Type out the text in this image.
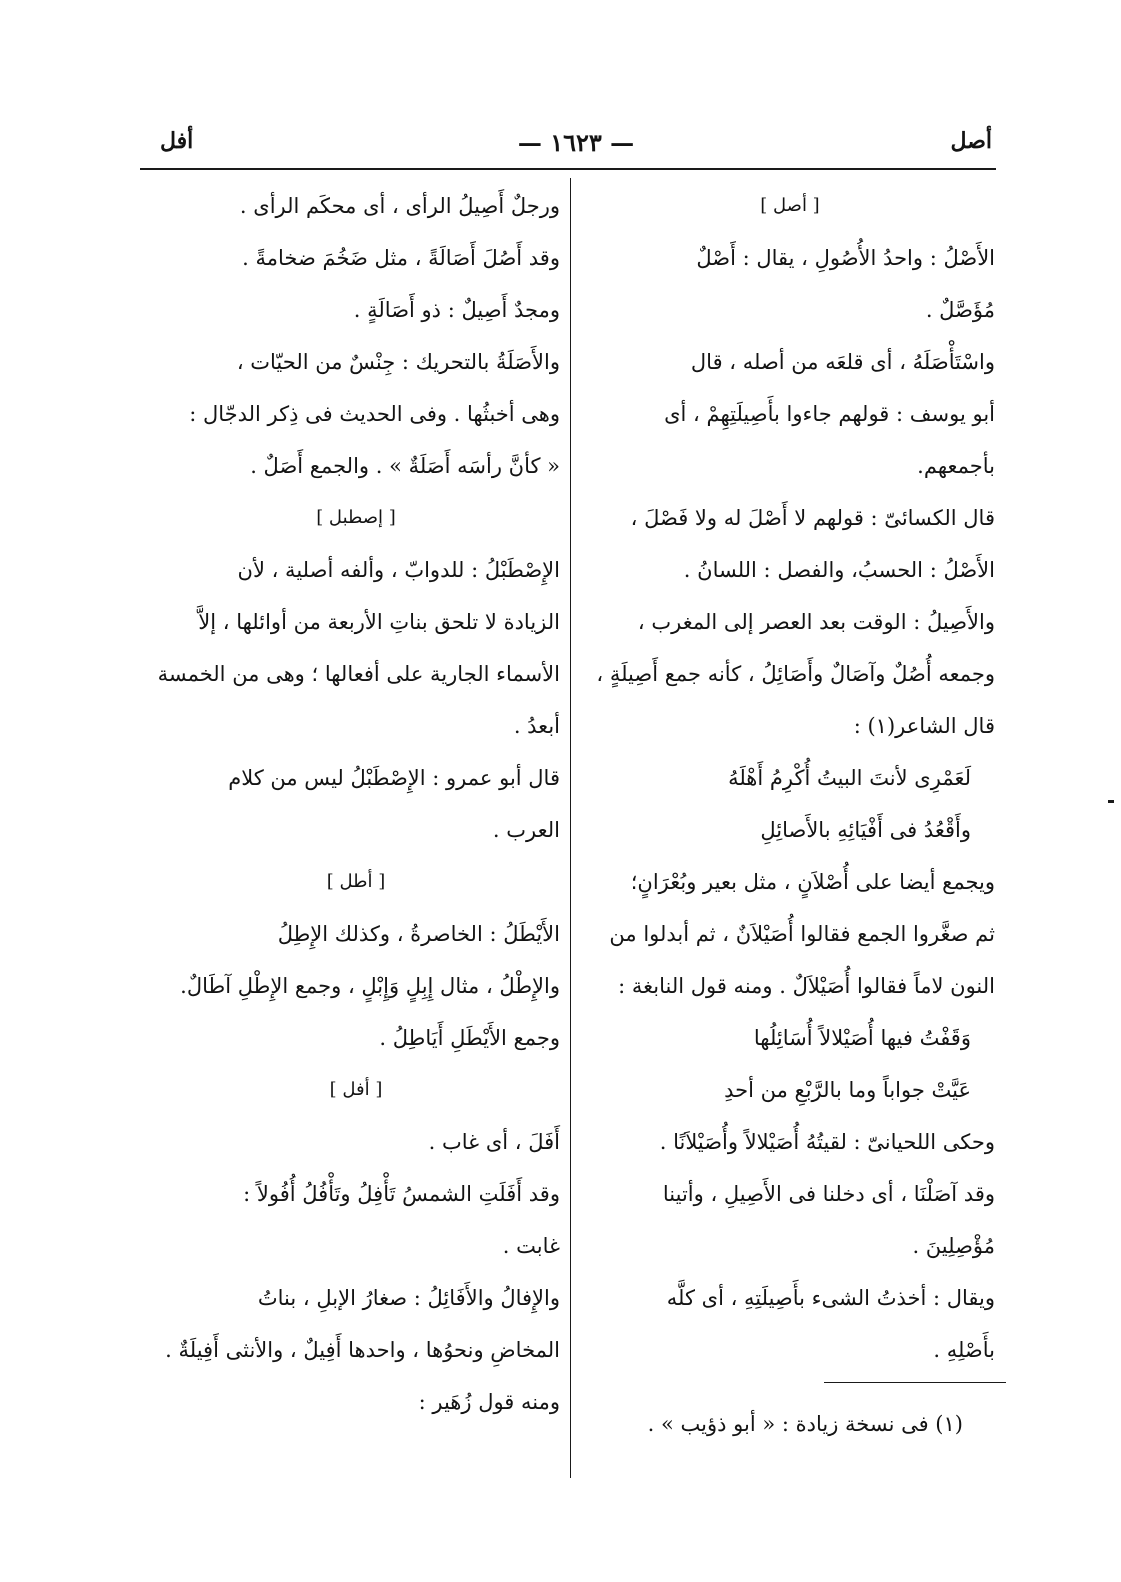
أصل
— ١٦٢٣ —
أفل

[ أصل ]

الأَصْلُ : واحدُ الأُصُولِ ، يقال : أَصْلٌ

مُؤَصَّلٌ .

واسْتَأْصَلَهُ ، أى قلعَه من أصله ، قال

أبو يوسف : قولهم جاءوا بأَصِيلَتِهِمْ ، أى بأجمعهم.

قال الكسائىّ : قولهم لا أَصْلَ له ولا فَصْلَ ،

الأَصْلُ : الحسبُ، والفصل : اللسانُ .

والأَصِيلُ : الوقت بعد العصر إلى المغرب ،

وجمعه أُصُلٌ وآصَالٌ وأَصَائِلُ ، كأنه جمع أَصِيلَةٍ ،

قال الشاعر(١) :

لَعَمْرِى لأنتَ البيتُ أُكْرِمُ أَهْلَهُ

وأَقْعُدُ فى أَفْيَائِهِ بالأَصائِلِ

ويجمع أيضا على أُصْلاَنٍ ، مثل بعير وبُعْرَانٍ؛

ثم صغَّروا الجمع فقالوا أُصَيْلاَنٌ ، ثم أبدلوا من

النون لاماً فقالوا أُصَيْلاَلٌ . ومنه قول النابغة :

وَقَفْتُ فيها أُصَيْلالاً أُسَائِلُها

عَيَّتْ جواباً وما بالرَّبْعِ من أحدِ

وحكى اللحيانىّ : لقيتُهُ أُصَيْلالاً وأُصَيْلاَنًا .

وقد آصَلْنَا ، أى دخلنا فى الأَصِيلِ ، وأتينا

مُؤْصِلِينَ .

ويقال : أخذتُ الشىء بأَصِيلَتِهِ ، أى كلَّه

بأَصْلِهِ .

ورجلٌ أَصِيلُ الرأى ، أى محكَم الرأى .

وقد أَصُلَ أَصَالَةً ، مثل ضَخُمَ ضخامةً .

ومجدٌ أَصِيلٌ : ذو أَصَالَةٍ .

والأَصَلَةُ بالتحريك : جِنْسٌ من الحيّات ،

وهى أخبثُها . وفى الحديث فى ذِكر الدجّال :

« كأنَّ رأسَه أَصَلَةٌ » . والجمع أَصَلٌ .

[ إصطبل ]

الإِصْطَبْلُ : للدوابّ ، وألفه أصلية ، لأن

الزيادة لا تلحق بناتِ الأربعة من أوائلها ، إلاَّ

الأسماء الجارية على أفعالها ؛ وهى من الخمسة أبعدُ .

قال أبو عمرو : الإِصْطَبْلُ ليس من كلام

العرب .

[ أطل ]

الأَيْطَلُ : الخاصرةُ ، وكذلك الإِطِلُ

والإِطْلُ ، مثال إِبِلٍ وَإِبْلٍ ، وجمع الإِطْلِ آطَالٌ.

وجمع الأَيْطَلِ أَيَاطِلُ .

[ أفل ]

أَفَلَ ، أى غاب .

وقد أَفَلَتِ الشمسُ تَأْفِلُ وتَأْفُلُ أُفُولاً :

غابت .

والإِفالُ والأَفَائِلُ : صغارُ الإبلِ ، بناتُ

المخاضِ ونحوُها ، واحدها أَفِيلٌ ، والأنثى أَفِيلَةٌ .

ومنه قول زُهَير :

(١) فى نسخة زيادة : « أبو ذؤيب » .
